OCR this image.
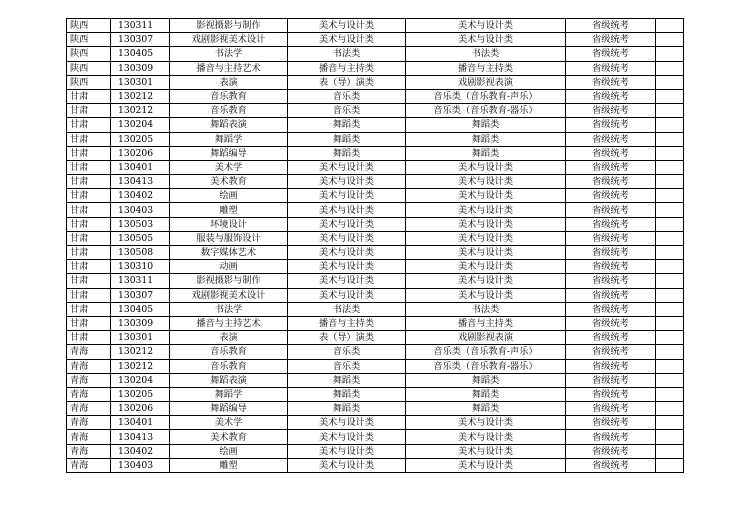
陕西	130311	影视摄影与制作	美术与设计类	美术与设计类	省级统考	
陕西	130307	戏剧影视美术设计	美术与设计类	美术与设计类	省级统考	
陕西	130405	书法学	书法类	书法类	省级统考	
陕西	130309	播音与主持艺术	播音与主持类	播音与主持类	省级统考	
陕西	130301	表演	表（导）演类	戏剧影视表演	省级统考	
甘肃	130212	音乐教育	音乐类	音乐类（音乐教育-声乐）	省级统考	
甘肃	130212	音乐教育	音乐类	音乐类（音乐教育-器乐）	省级统考	
甘肃	130204	舞蹈表演	舞蹈类	舞蹈类	省级统考	
甘肃	130205	舞蹈学	舞蹈类	舞蹈类	省级统考	
甘肃	130206	舞蹈编导	舞蹈类	舞蹈类	省级统考	
甘肃	130401	美术学	美术与设计类	美术与设计类	省级统考	
甘肃	130413	美术教育	美术与设计类	美术与设计类	省级统考	
甘肃	130402	绘画	美术与设计类	美术与设计类	省级统考	
甘肃	130403	雕塑	美术与设计类	美术与设计类	省级统考	
甘肃	130503	环境设计	美术与设计类	美术与设计类	省级统考	
甘肃	130505	服装与服饰设计	美术与设计类	美术与设计类	省级统考	
甘肃	130508	数字媒体艺术	美术与设计类	美术与设计类	省级统考	
甘肃	130310	动画	美术与设计类	美术与设计类	省级统考	
甘肃	130311	影视摄影与制作	美术与设计类	美术与设计类	省级统考	
甘肃	130307	戏剧影视美术设计	美术与设计类	美术与设计类	省级统考	
甘肃	130405	书法学	书法类	书法类	省级统考	
甘肃	130309	播音与主持艺术	播音与主持类	播音与主持类	省级统考	
甘肃	130301	表演	表（导）演类	戏剧影视表演	省级统考	
青海	130212	音乐教育	音乐类	音乐类（音乐教育-声乐）	省级统考	
青海	130212	音乐教育	音乐类	音乐类（音乐教育-器乐）	省级统考	
青海	130204	舞蹈表演	舞蹈类	舞蹈类	省级统考	
青海	130205	舞蹈学	舞蹈类	舞蹈类	省级统考	
青海	130206	舞蹈编导	舞蹈类	舞蹈类	省级统考	
青海	130401	美术学	美术与设计类	美术与设计类	省级统考	
青海	130413	美术教育	美术与设计类	美术与设计类	省级统考	
青海	130402	绘画	美术与设计类	美术与设计类	省级统考	
青海	130403	雕塑	美术与设计类	美术与设计类	省级统考	
